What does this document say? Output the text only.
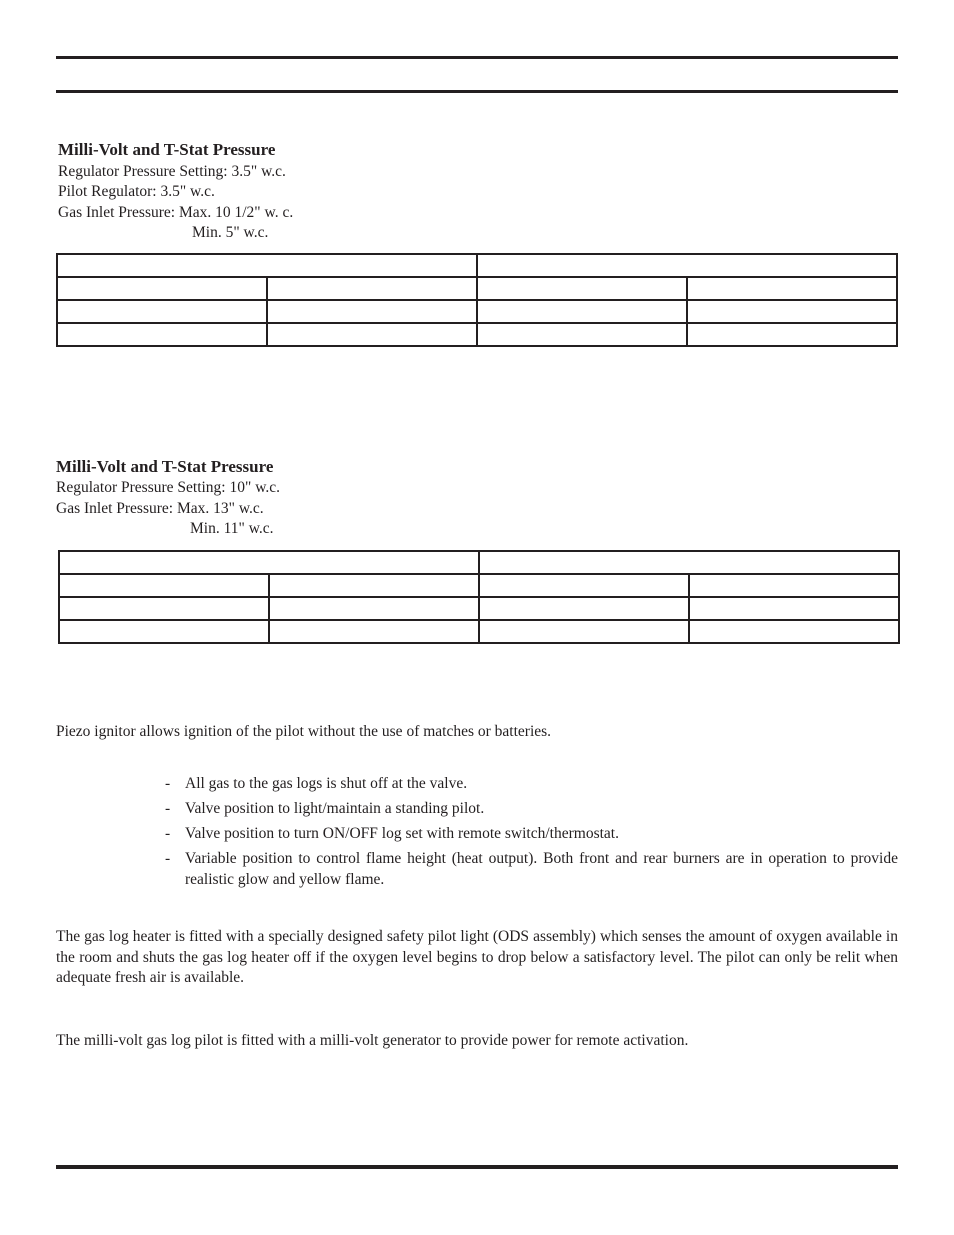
Milli-Volt and T-Stat Pressure
Regulator Pressure Setting: 3.5" w.c.
Pilot Regulator: 3.5" w.c.
Gas Inlet Pressure: Max. 10 1/2" w. c.
Min. 5" w.c.

Milli-Volt and T-Stat Pressure
Regulator Pressure Setting: 10" w.c.
Gas Inlet Pressure: Max. 13" w.c.
Min. 11" w.c.

Piezo ignitor allows ignition of the pilot without the use of matches or batteries.
- All gas to the gas logs is shut off at the valve.
- Valve position to light/maintain a standing pilot.
- Valve position to turn ON/OFF log set with remote switch/thermostat.
- Variable position to control flame height (heat output). Both front and rear burners are in operation to provide realistic glow and yellow flame.
The gas log heater is fitted with a specially designed safety pilot light (ODS assembly) which senses the amount of oxygen available in the room and shuts the gas log heater off if the oxygen level begins to drop below a satisfactory level. The pilot can only be relit when adequate fresh air is available.
The milli-volt gas log pilot is fitted with a milli-volt generator to provide power for remote activation.
